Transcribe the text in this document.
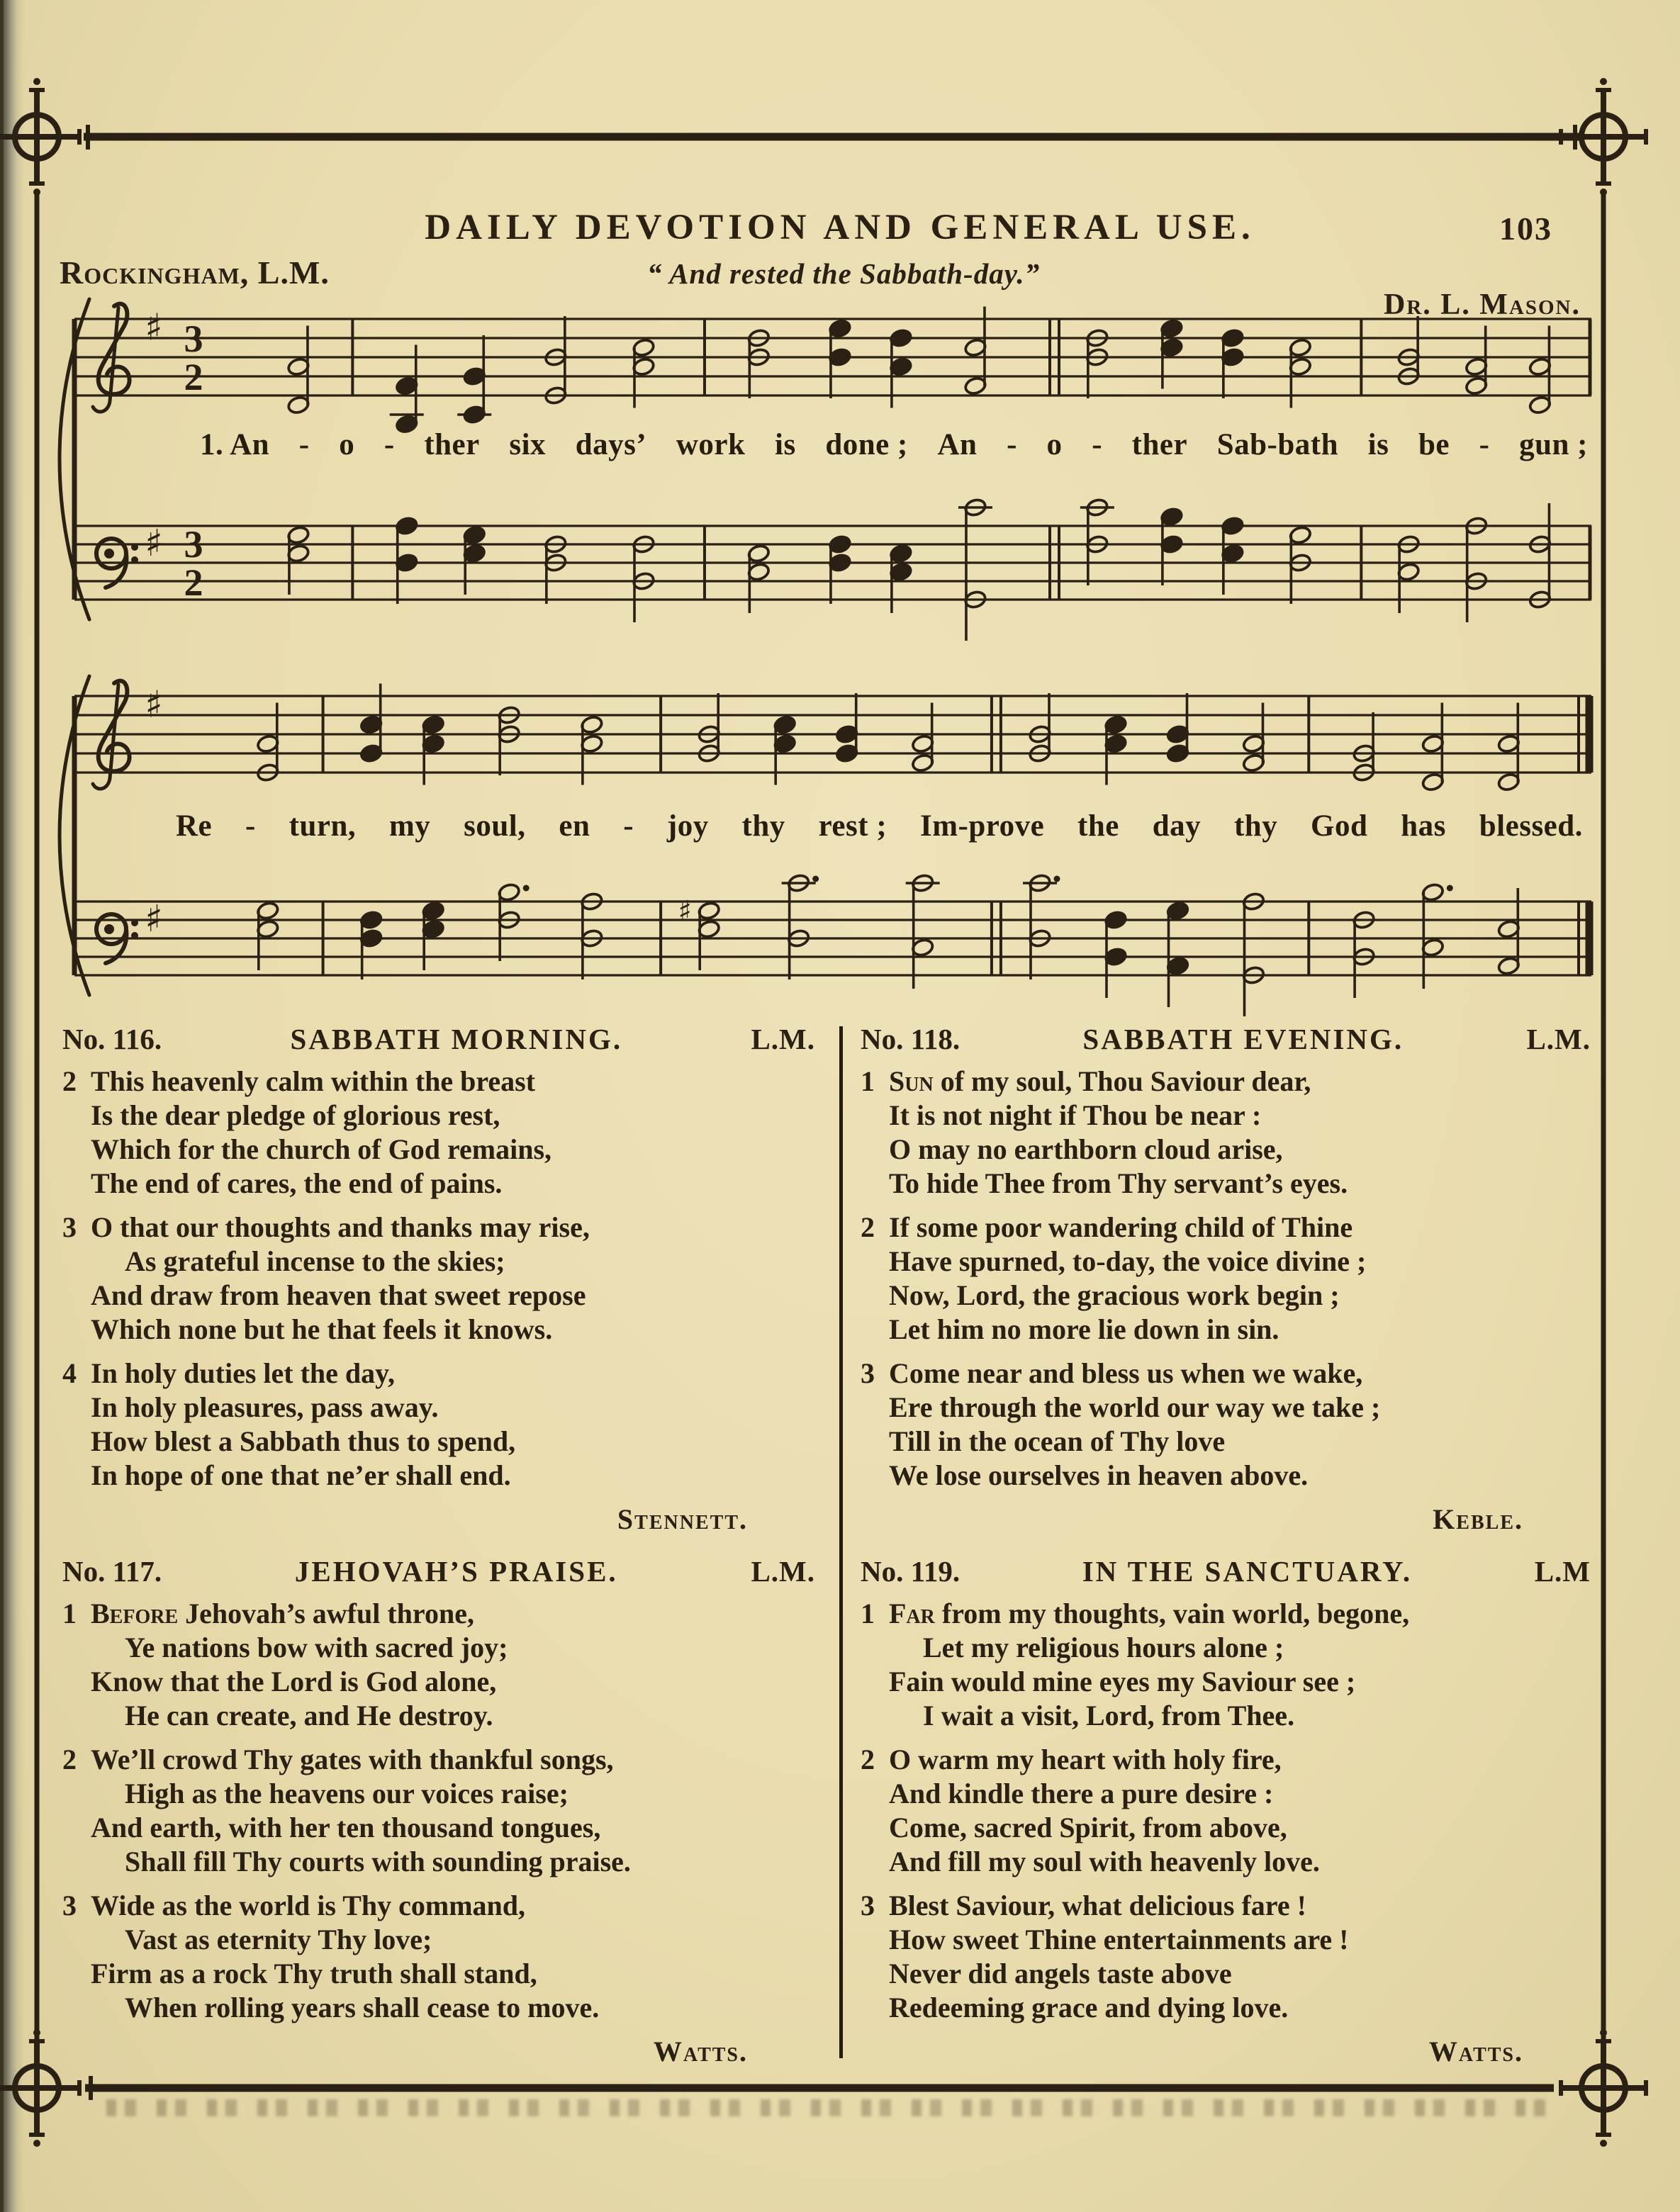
DAILY DEVOTION AND GENERAL USE.	103
Rockingham, L.M.	“ And rested the Sabbath-day.”
Dr. L. Mason.
♯ 3
2
♯ 3
2
1. An - o - ther six days’ work is done ; An - o - ther Sab-bath is be - gun ;
♯
♯	♯
Re - turn, my soul, en - joy thy rest ; Im-prove the day thy God has blessed.
No. 116.	SABBATH MORNING.	L.M.
2 This heavenly calm within the breast
Is the dear pledge of glorious rest,
Which for the church of God remains,
The end of cares, the end of pains.
3 O that our thoughts and thanks may rise,
As grateful incense to the skies;
And draw from heaven that sweet repose
Which none but he that feels it knows.
4 In holy duties let the day,
In holy pleasures, pass away.
How blest a Sabbath thus to spend,
In hope of one that ne’er shall end.
Stennett.
No. 117.	JEHOVAH’S PRAISE.	L.M.
1 Before Jehovah’s awful throne,
Ye nations bow with sacred joy;
Know that the Lord is God alone,
He can create, and He destroy.
2 We’ll crowd Thy gates with thankful songs,
High as the heavens our voices raise;
And earth, with her ten thousand tongues,
Shall fill Thy courts with sounding praise.
3 Wide as the world is Thy command,
Vast as eternity Thy love;
Firm as a rock Thy truth shall stand,
When rolling years shall cease to move.
Watts.
No. 118.	SABBATH EVENING.	L.M.
1 Sun of my soul, Thou Saviour dear,
It is not night if Thou be near :
O may no earthborn cloud arise,
To hide Thee from Thy servant’s eyes.
2 If some poor wandering child of Thine
Have spurned, to-day, the voice divine ;
Now, Lord, the gracious work begin ;
Let him no more lie down in sin.
3 Come near and bless us when we wake,
Ere through the world our way we take ;
Till in the ocean of Thy love
We lose ourselves in heaven above.
Keble.
No. 119.	IN THE SANCTUARY.	L.M
1 Far from my thoughts, vain world, begone,
Let my religious hours alone ;
Fain would mine eyes my Saviour see ;
I wait a visit, Lord, from Thee.
2 O warm my heart with holy fire,
And kindle there a pure desire :
Come, sacred Spirit, from above,
And fill my soul with heavenly love.
3 Blest Saviour, what delicious fare !
How sweet Thine entertainments are !
Never did angels taste above
Redeeming grace and dying love.
Watts.
